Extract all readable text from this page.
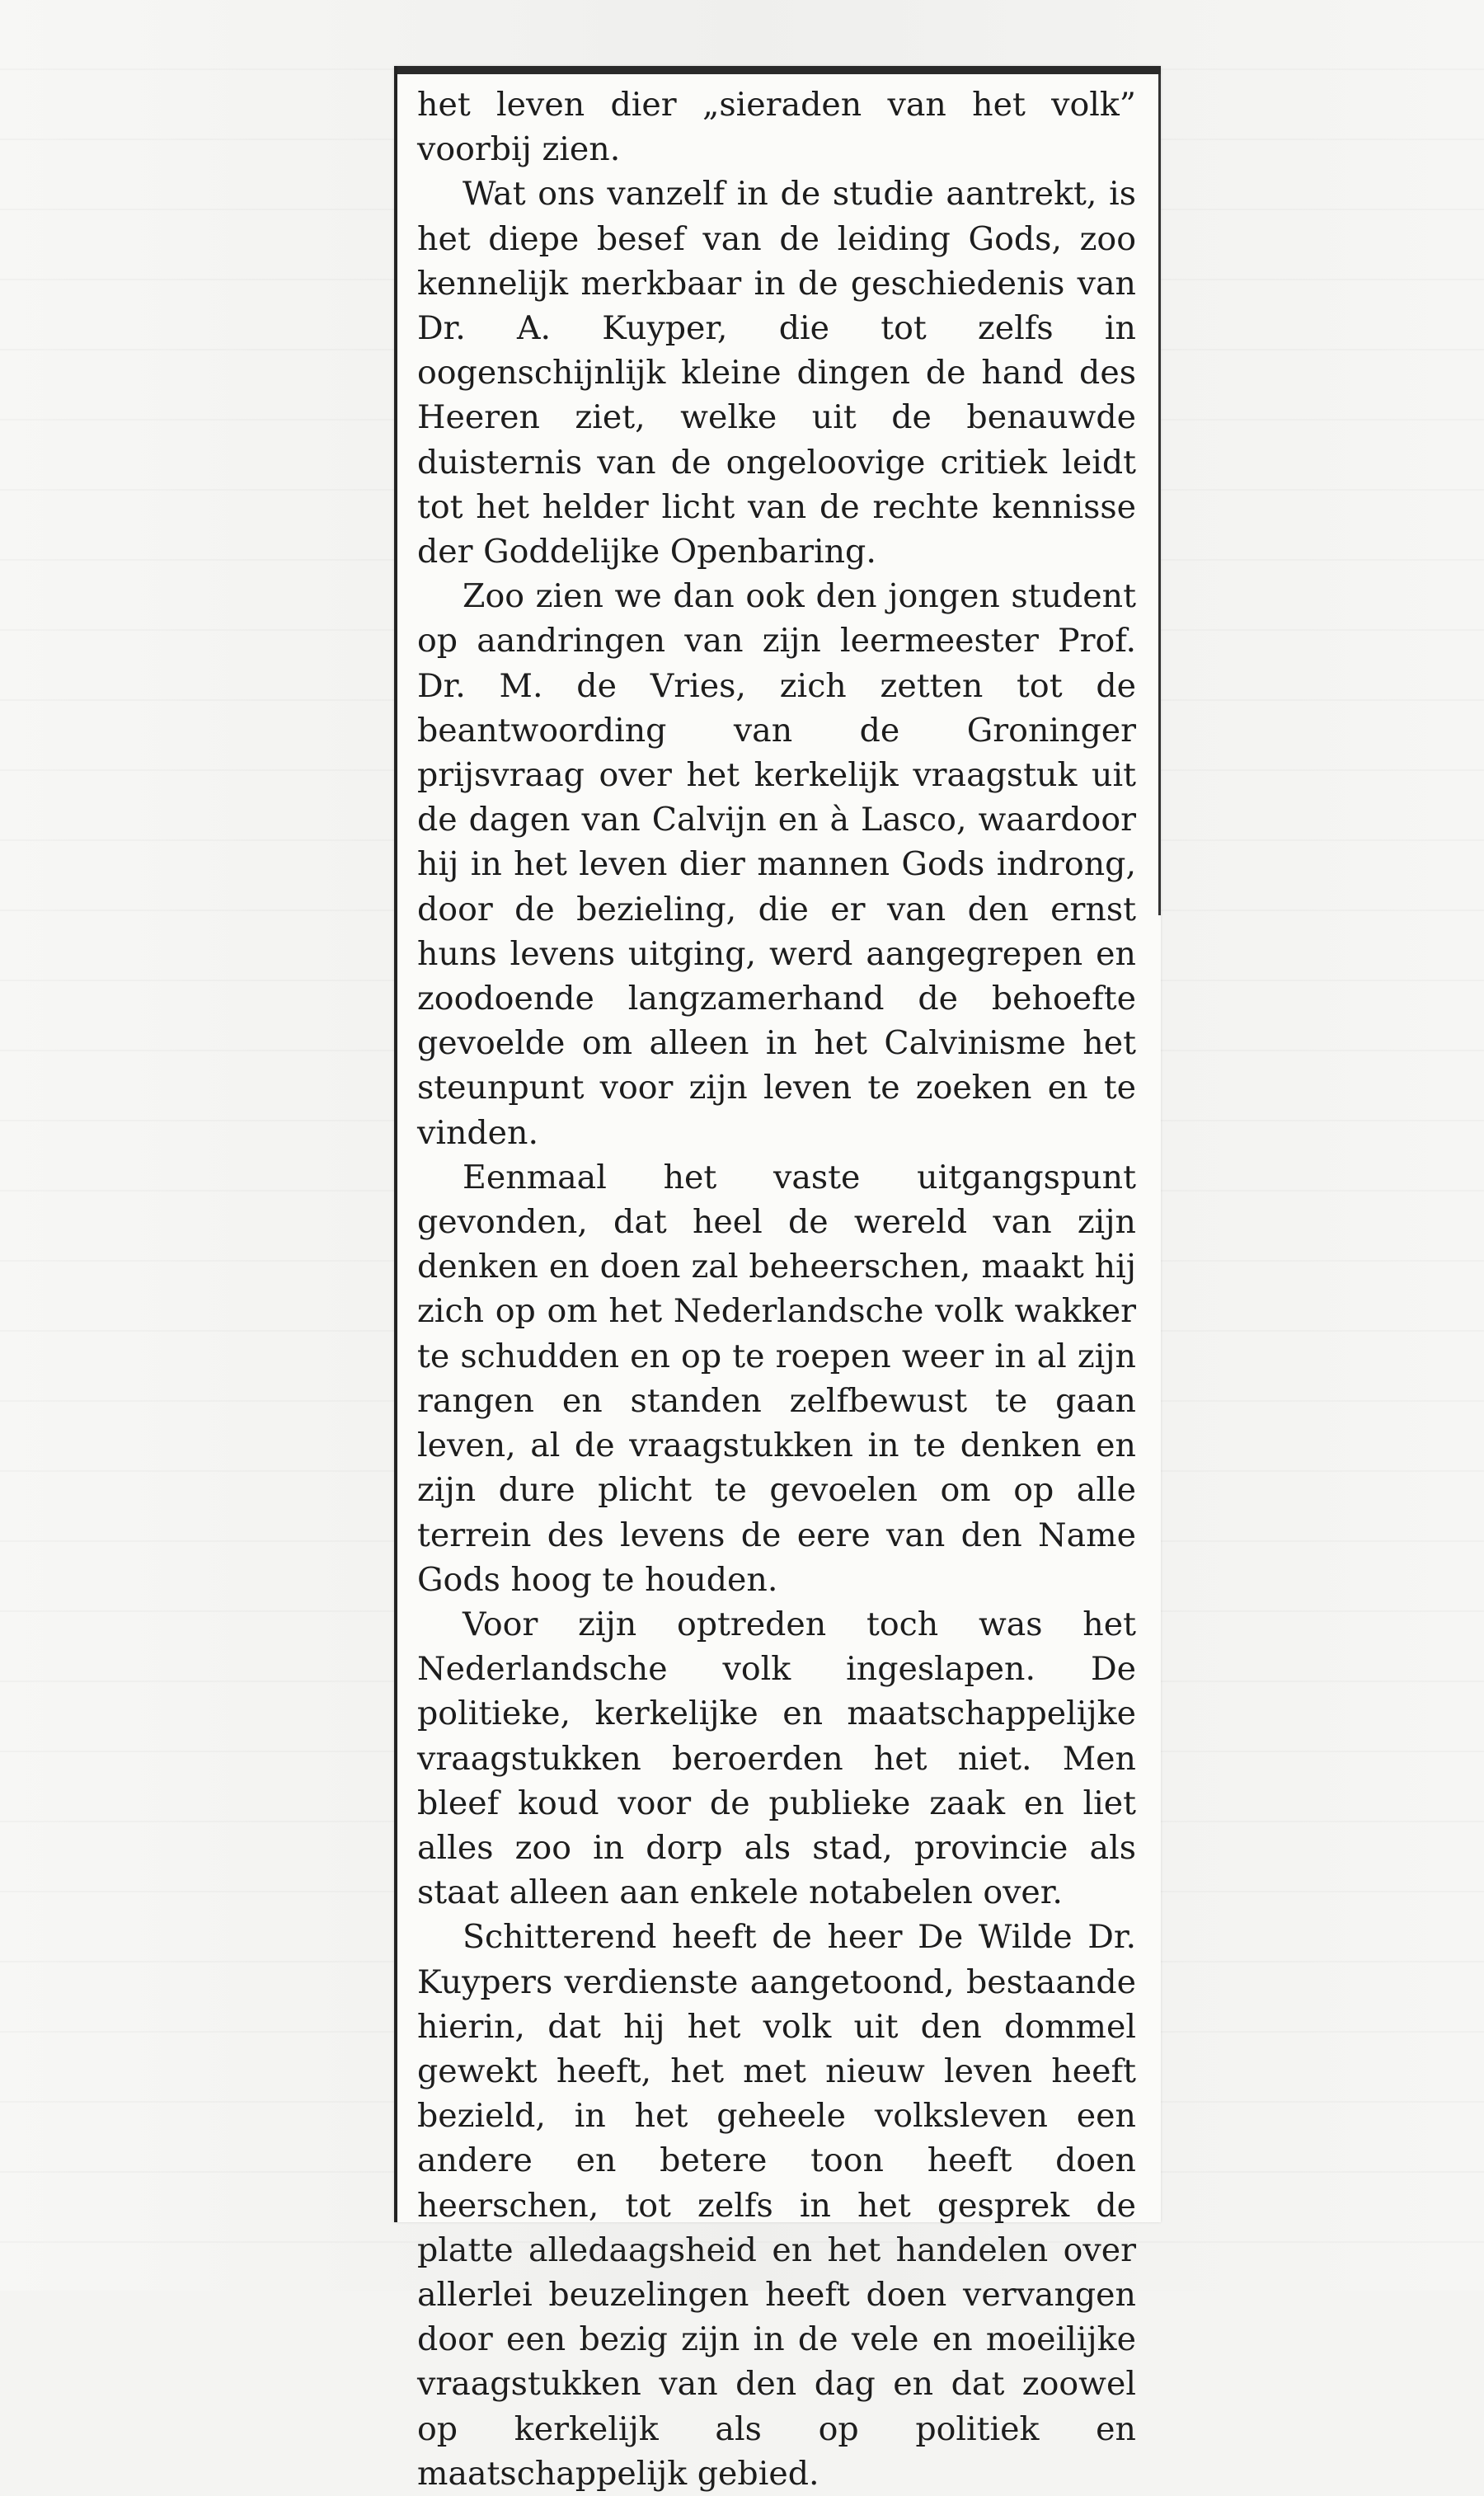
het leven dier „sieraden van het volk” voorbij zien.

Wat ons vanzelf in de studie aantrekt, is het diepe besef van de leiding Gods, zoo kennelijk merkbaar in de geschiedenis van Dr. A. Kuyper, die tot zelfs in oogenschijnlijk kleine dingen de hand des Heeren ziet, welke uit de benauwde duisternis van de ongeloovige critiek leidt tot het helder licht van de rechte kennisse der Goddelijke Openbaring.

Zoo zien we dan ook den jongen student op aandringen van zijn leermeester Prof. Dr. M. de Vries, zich zetten tot de beantwoording van de Groninger prijsvraag over het kerkelijk vraagstuk uit de dagen van Calvijn en à Lasco, waardoor hij in het leven dier mannen Gods indrong, door de bezieling, die er van den ernst huns levens uitging, werd aangegrepen en zoodoende langzamerhand de behoefte gevoelde om alleen in het Calvinisme het steunpunt voor zijn leven te zoeken en te vinden.

Eenmaal het vaste uitgangspunt gevonden, dat heel de wereld van zijn denken en doen zal beheerschen, maakt hij zich op om het Nederlandsche volk wakker te schudden en op te roepen weer in al zijn rangen en standen zelfbewust te gaan leven, al de vraagstukken in te denken en zijn dure plicht te gevoelen om op alle terrein des levens de eere van den Name Gods hoog te houden.

Voor zijn optreden toch was het Nederlandsche volk ingeslapen. De politieke, kerkelijke en maatschappelijke vraagstukken beroerden het niet. Men bleef koud voor de publieke zaak en liet alles zoo in dorp als stad, provincie als staat alleen aan enkele notabelen over.

Schitterend heeft de heer De Wilde Dr. Kuypers verdienste aangetoond, bestaande hierin, dat hij het volk uit den dommel gewekt heeft, het met nieuw leven heeft bezield, in het geheele volksleven een andere en betere toon heeft doen heerschen, tot zelfs in het gesprek de platte alledaagsheid en het handelen over allerlei beuzelingen heeft doen vervangen door een bezig zijn in de vele en moeilijke vraagstukken van den dag en dat zoowel op kerkelijk als op politiek en maatschappelijk gebied.
